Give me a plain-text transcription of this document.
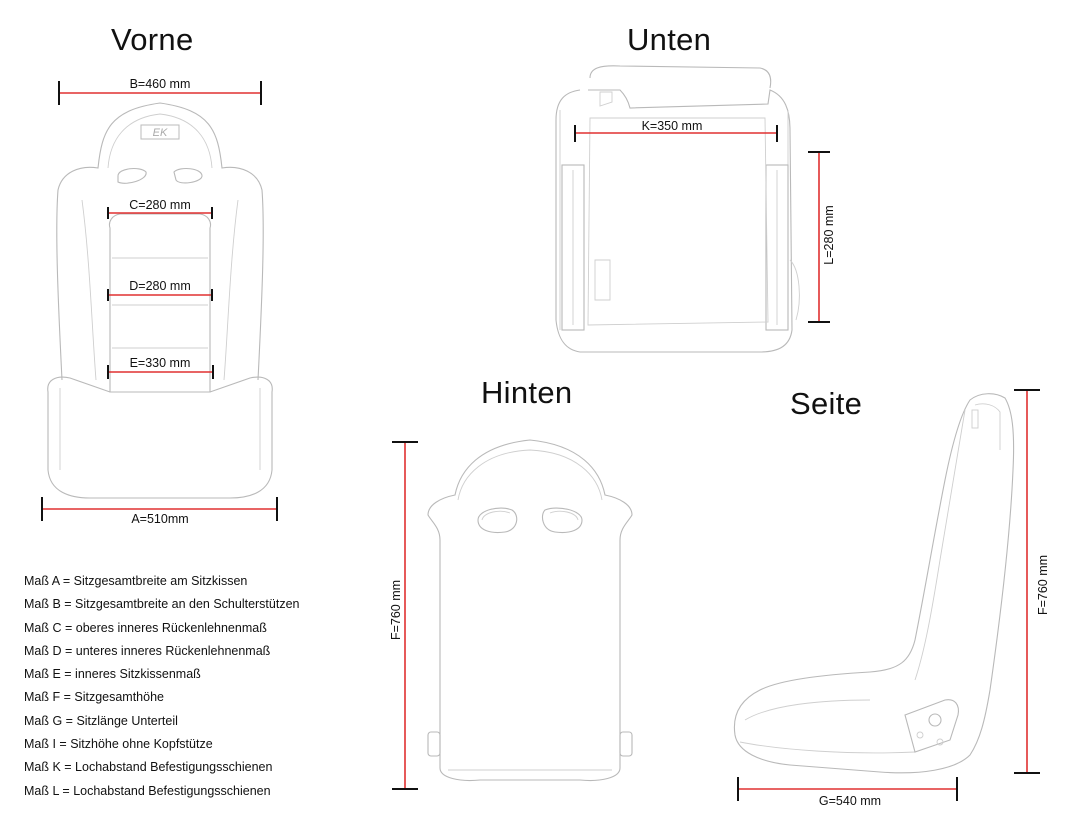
EK
B=460 mm
C=280 mm
D=280 mm
E=330 mm
A=510mm
K=350 mm
L=280 mm
F=760 mm	F=760 mm
G=540 mm
Vorne	Unten
Hinten	Seite
Maß A = Sitzgesamtbreite am Sitzkissen
Maß B = Sitzgesamtbreite an den Schulterstützen
Maß C = oberes inneres Rückenlehnenmaß
Maß D = unteres inneres Rückenlehnenmaß
Maß E = inneres Sitzkissenmaß
Maß F = Sitzgesamthöhe
Maß G = Sitzlänge Unterteil
Maß I = Sitzhöhe ohne Kopfstütze
Maß K = Lochabstand Befestigungsschienen
Maß L = Lochabstand Befestigungsschienen
